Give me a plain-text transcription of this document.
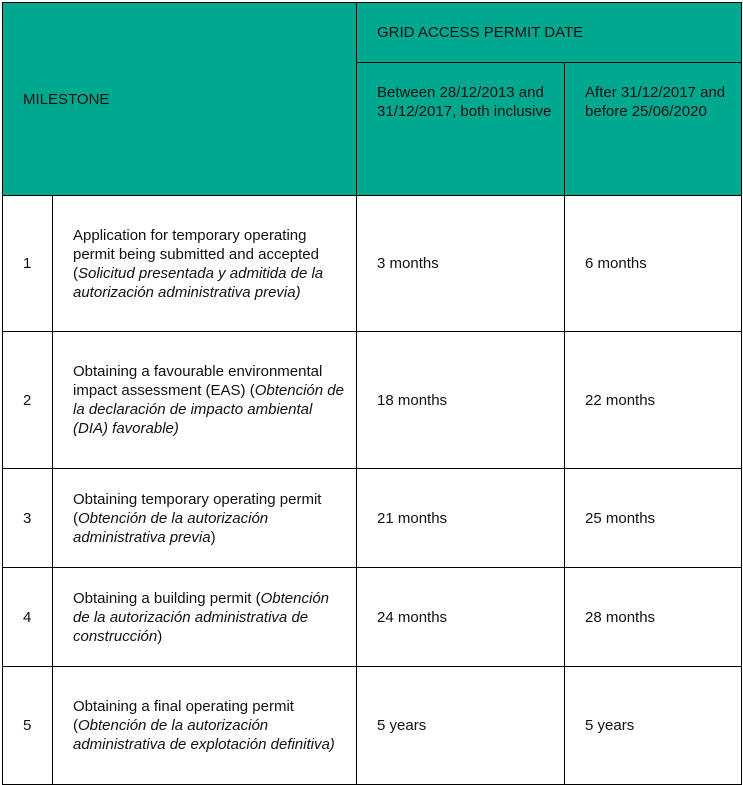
MILESTONE		GRID ACCESS PERMIT DATE	
		Between 28/12/2013 and 31/12/2017, both inclusive	After 31/12/2017 and before 25/06/2020
1	Application for temporary operating permit being submitted and accepted (Solicitud presentada y admitida de la autorización administrativa previa)	3 months	6 months
2	Obtaining a favourable environmental impact assessment (EAS) (Obtención de la declaración de impacto ambiental (DIA) favorable)	18 months	22 months
3	Obtaining temporary operating permit (Obtención de la autorización administrativa previa)	21 months	25 months
4	Obtaining a building permit (Obtención de la autorización administrativa de construcción)	24 months	28 months
5	Obtaining a final operating permit (Obtención de la autorización administrativa de explotación definitiva)	5 years	5 years
